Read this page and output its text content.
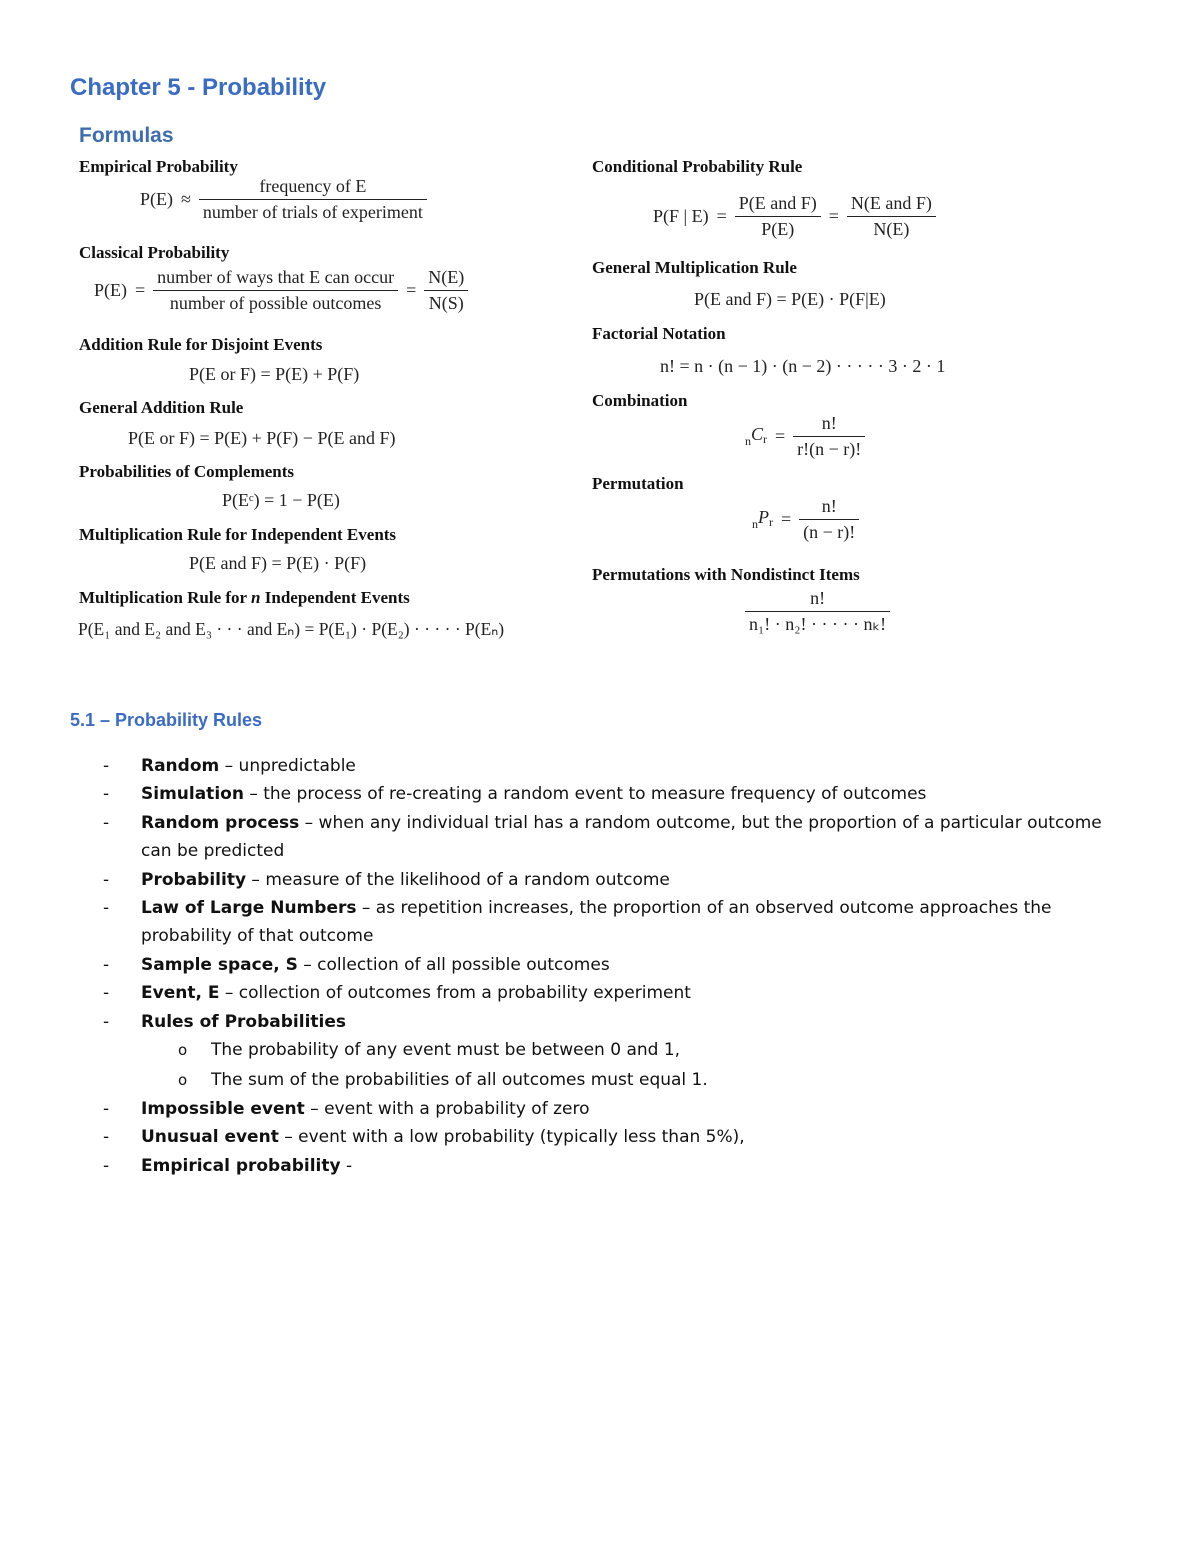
Chapter 5 - Probability
Formulas
Empirical Probability
$P(E) \approx \frac{\text{frequency of E}}{\text{number of trials of experiment}}$
Classical Probability
$P(E) = \frac{\text{number of ways that E can occur}}{\text{number of possible outcomes}} = \frac{N(E)}{N(S)}$
Addition Rule for Disjoint Events
P(E or F) = P(E) + P(F)
General Addition Rule
P(E or F) = P(E) + P(F) − P(E and F)
Probabilities of Complements
P(Eᶜ) = 1 − P(E)
Multiplication Rule for Independent Events
P(E and F) = P(E) · P(F)
Multiplication Rule for n Independent Events
P(E₁ and E₂ and E₃ · · · and Eₙ) = P(E₁) · P(E₂) · · · · · P(Eₙ)
Conditional Probability Rule
P(F | $E) = \frac{\text{P(E and F)}}{P(E)} = \frac{\text{N(E and F)}}{N(E)}$
General Multiplication Rule
P(E and F) = P(E) · P(F|E)
Factorial Notation
n! = n · (n − 1) · (n − 2) · · · · · 3 · 2 · 1
Combination
$_nC_r = \frac{n!}{r!(n - r)!}$
Permutation
$_nP_r = \frac{n!}{(n - r)!}$
Permutations with Nondistinct Items
$\frac{n!}{\text{n₁! · n₂! · · · · · nₖ!}}$
5.1 – Probability Rules
- Random – unpredictable
- Simulation – the process of re-creating a random event to measure frequency of outcomes
- Random process – when any individual trial has a random outcome, but the proportion of a particular outcome can be predicted
- Probability – measure of the likelihood of a random outcome
- Law of Large Numbers – as repetition increases, the proportion of an observed outcome approaches the probability of that outcome
- Sample space, S – collection of all possible outcomes
- Event, E – collection of outcomes from a probability experiment
- Rules of Probabilities
o The probability of any event must be between 0 and 1,
o The sum of the probabilities of all outcomes must equal 1.
- Impossible event – event with a probability of zero
- Unusual event – event with a low probability (typically less than 5%),
- Empirical probability -
